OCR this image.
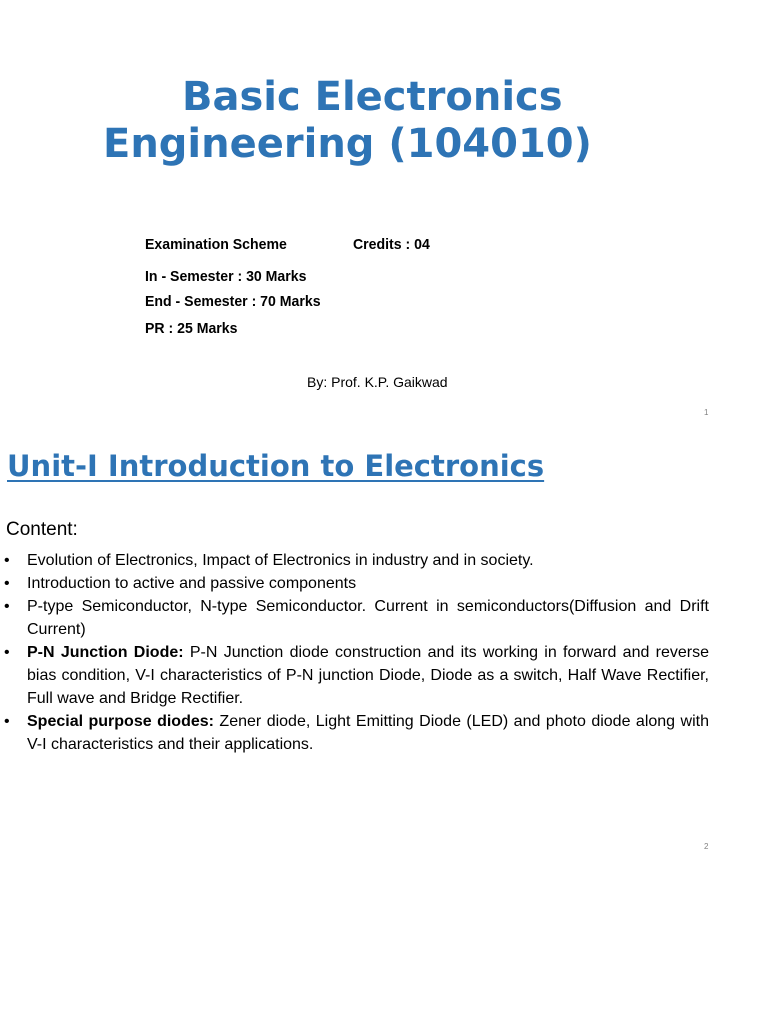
Basic Electronics
Engineering (104010)
Examination Scheme	Credits : 04
In - Semester : 30 Marks
End - Semester : 70 Marks
PR : 25 Marks
By: Prof. K.P. Gaikwad
1
Unit-I Introduction to Electronics
Content:
• Evolution of Electronics, Impact of Electronics in industry and in society.
• Introduction to active and passive components
• P-type Semiconductor, N-type Semiconductor. Current in semiconductors(Diffusion and Drift Current)
• P-N Junction Diode: P-N Junction diode construction and its working in forward and reverse bias condition, V-I characteristics of P-N junction Diode, Diode as a switch, Half Wave Rectifier, Full wave and Bridge Rectifier.
• Special purpose diodes: Zener diode, Light Emitting Diode (LED) and photo diode along with V-I characteristics and their applications.
2
